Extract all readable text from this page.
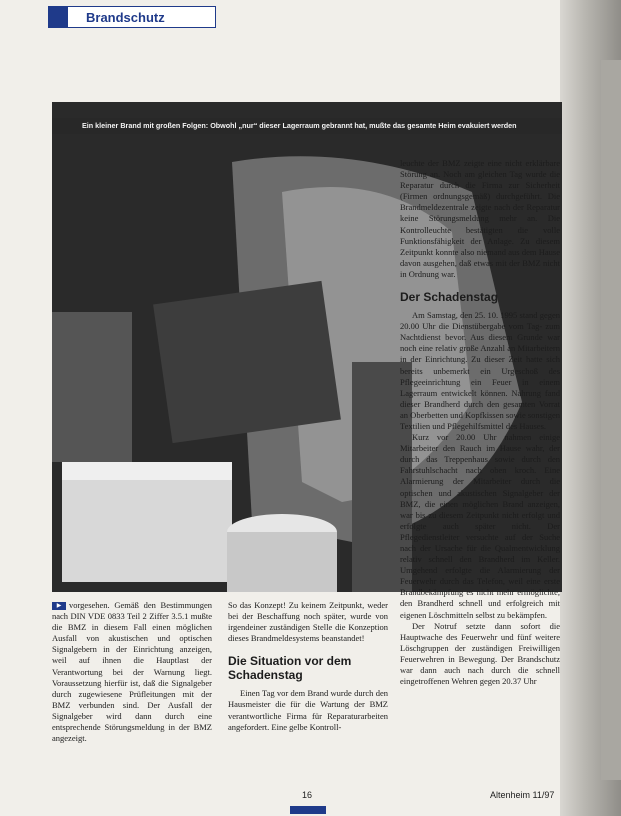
Brandschutz
Ein kleiner Brand mit großen Folgen: Obwohl „nur“ dieser Lagerraum gebrannt hat, mußte das gesamte Heim evakuiert werden

leuchte der BMZ zeigte eine nicht erklärbare Störung an. Noch am gleichen Tag wurde die Reparatur durch die Firma zur Sicherheit (Firmen ordnungsgemäß) durchgeführt. Die Brandmeldezentrale zeigte nach der Reparatur keine Störungsmeldung mehr an. Die Kontrolleuchte bestätigten die volle Funktionsfähigkeit der Anlage. Zu diesem Zeitpunkt konnte also niemand aus dem Hause davon ausgehen, daß etwas mit der BMZ nicht in Ordnung war.

Der Schadenstag

Am Samstag, den 25. 10. 1995 stand gegen 20.00 Uhr die Dienstübergabe vom Tag- zum Nachtdienst bevor. Aus diesem Grunde war noch eine relativ große Anzahl an Mitarbeitern in der Einrichtung. Zu dieser Zeit hatte sich bereits unbemerkt ein Urgeschoß des Pflegeeinrichtung ein Feuer in einem Lagerraum entwickelt können. Nahrung fand dieser Brandherd durch den gesamten Vorrat an Oberbetten und Kopfkissen sowie sonstigen Textilien und Pflegehilfsmittel des Hauses.

Kurz vor 20.00 Uhr nahmen einige Mitarbeiter den Rauch im Hause wahr, der durch das Treppenhaus sowie durch den Fahrstuhlschacht nach oben kroch. Eine Alarmierung der Mitarbeiter durch die optischen und akustischen Signalgeber der BMZ, die einen möglichen Brand anzeigen, war bis zu diesem Zeitpunkt nicht erfolgt und erfolgte auch später nicht. Der Pflegedienstleiter versuchte auf der Suche nach der Ursache für die Qualmentwicklung relativ schnell den Brandherd im Keller. Umgehend erfolgte die Alarmierung der Feuerwehr durch das Telefon, weil eine erste Brandbekämpfung es nicht mehr ermöglichte, den Brandherd schnell und erfolgreich mit eigenen Löschmitteln selbst zu bekämpfen.

Der Notruf setzte dann sofort die Hauptwache des Feuerwehr und fünf weitere Löschgruppen der zuständigen Freiwilligen Feuerwehren in Bewegung. Der Brandschutz war dann auch nach durch die schnell eingetroffenen Wehren gegen 20.37 Uhr

▶ vorgesehen. Gemäß den Bestimmungen nach DIN VDE 0833 Teil 2 Ziffer 3.5.1 mußte die BMZ in diesem Fall einen möglichen Ausfall von akustischen und optischen Signalgebern in der Einrichtung anzeigen, weil auf ihnen die Hauptlast der Verantwortung bei der Warnung liegt. Voraussetzung hierfür ist, daß die Signalgeber durch zugewiesene Prüfleitungen mit der BMZ verbunden sind. Der Ausfall der Signalgeber wird dann durch eine entsprechende Störungsmeldung in der BMZ angezeigt.

So das Konzept! Zu keinem Zeitpunkt, weder bei der Beschaffung noch später, wurde von irgendeiner zuständigen Stelle die Konzeption dieses Brandmeldesystems beanstandet!

Die Situation vor dem Schadenstag

Einen Tag vor dem Brand wurde durch den Hausmeister die für die Wartung der BMZ verantwortliche Firma für Reparaturarbeiten angefordert. Eine gelbe Kontroll-

16	Altenheim 11/97
